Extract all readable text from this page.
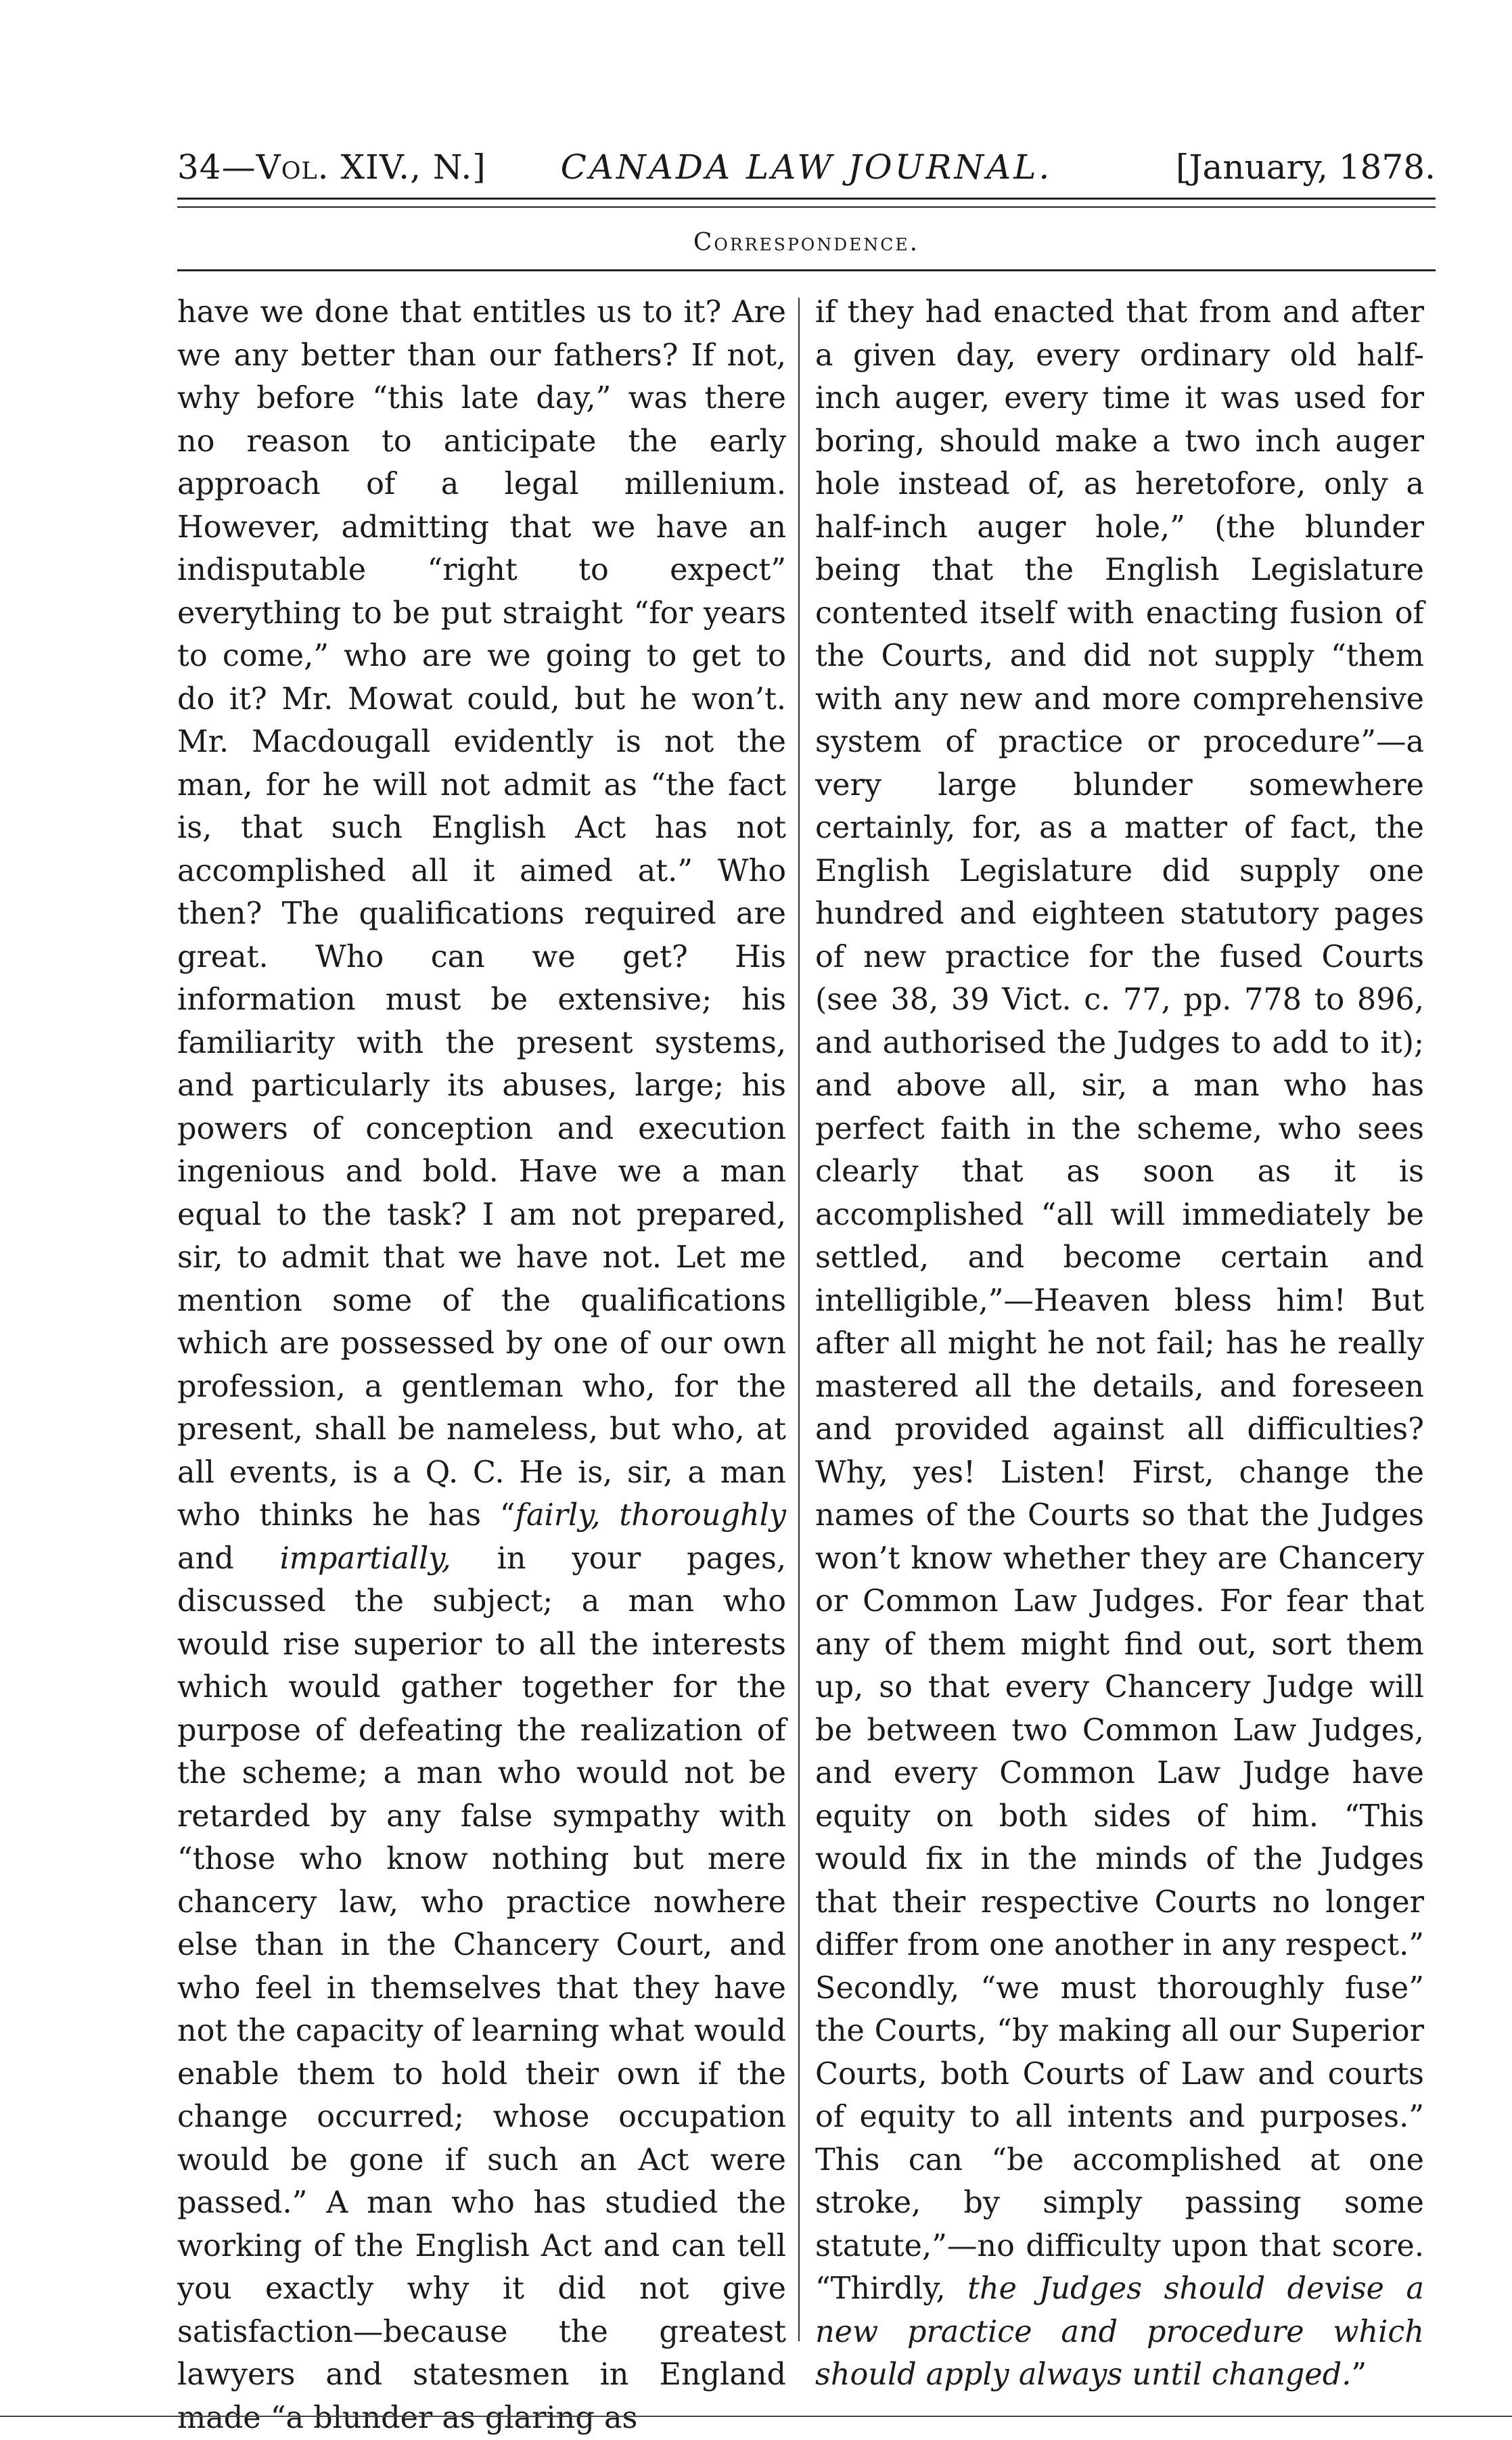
34—Vol. XIV., N.]	CANADA LAW JOURNAL.	[January, 1878.
Correspondence.

have we done that entitles us to it? Are we any better than our fathers? If not, why before “this late day,” was there no reason to anticipate the early approach of a legal millenium. However, admitting that we have an indisputable “right to expect” everything to be put straight “for years to come,” who are we going to get to do it? Mr. Mowat could, but he won’t. Mr. Macdougall evidently is not the man, for he will not admit as “the fact is, that such English Act has not accomplished all it aimed at.” Who then? The qualifications required are great. Who can we get? His information must be extensive; his familiarity with the present systems, and particularly its abuses, large; his powers of conception and execution ingenious and bold. Have we a man equal to the task? I am not prepared, sir, to admit that we have not. Let me mention some of the qualifications which are possessed by one of our own profession, a gentleman who, for the present, shall be nameless, but who, at all events, is a Q. C. He is, sir, a man who thinks he has “fairly, thoroughly and impartially, in your pages, discussed the subject; a man who would rise superior to all the interests which would gather together for the purpose of defeating the realization of the scheme; a man who would not be retarded by any false sympathy with “those who know nothing but mere chancery law, who practice nowhere else than in the Chancery Court, and who feel in themselves that they have not the capacity of learning what would enable them to hold their own if the change occurred; whose occupation would be gone if such an Act were passed.” A man who has studied the working of the English Act and can tell you exactly why it did not give satisfaction—because the greatest lawyers and statesmen in England made “a blunder as glaring as

if they had enacted that from and after a given day, every ordinary old half-inch auger, every time it was used for boring, should make a two inch auger hole instead of, as heretofore, only a half-inch auger hole,” (the blunder being that the English Legislature contented itself with enacting fusion of the Courts, and did not supply “them with any new and more comprehensive system of practice or procedure”—a very large blunder somewhere certainly, for, as a matter of fact, the English Legislature did supply one hundred and eighteen statutory pages of new practice for the fused Courts (see 38, 39 Vict. c. 77, pp. 778 to 896, and authorised the Judges to add to it); and above all, sir, a man who has perfect faith in the scheme, who sees clearly that as soon as it is accomplished “all will immediately be settled, and become certain and intelligible,”—Heaven bless him! But after all might he not fail; has he really mastered all the details, and foreseen and provided against all difficulties? Why, yes! Listen! First, change the names of the Courts so that the Judges won’t know whether they are Chancery or Common Law Judges. For fear that any of them might find out, sort them up, so that every Chancery Judge will be between two Common Law Judges, and every Common Law Judge have equity on both sides of him. “This would fix in the minds of the Judges that their respective Courts no longer differ from one another in any respect.” Secondly, “we must thoroughly fuse” the Courts, “by making all our Superior Courts, both Courts of Law and courts of equity to all intents and purposes.” This can “be accomplished at one stroke, by simply passing some statute,”—no difficulty upon that score. “Thirdly, the Judges should devise a new practice and procedure which should apply always until changed.”
